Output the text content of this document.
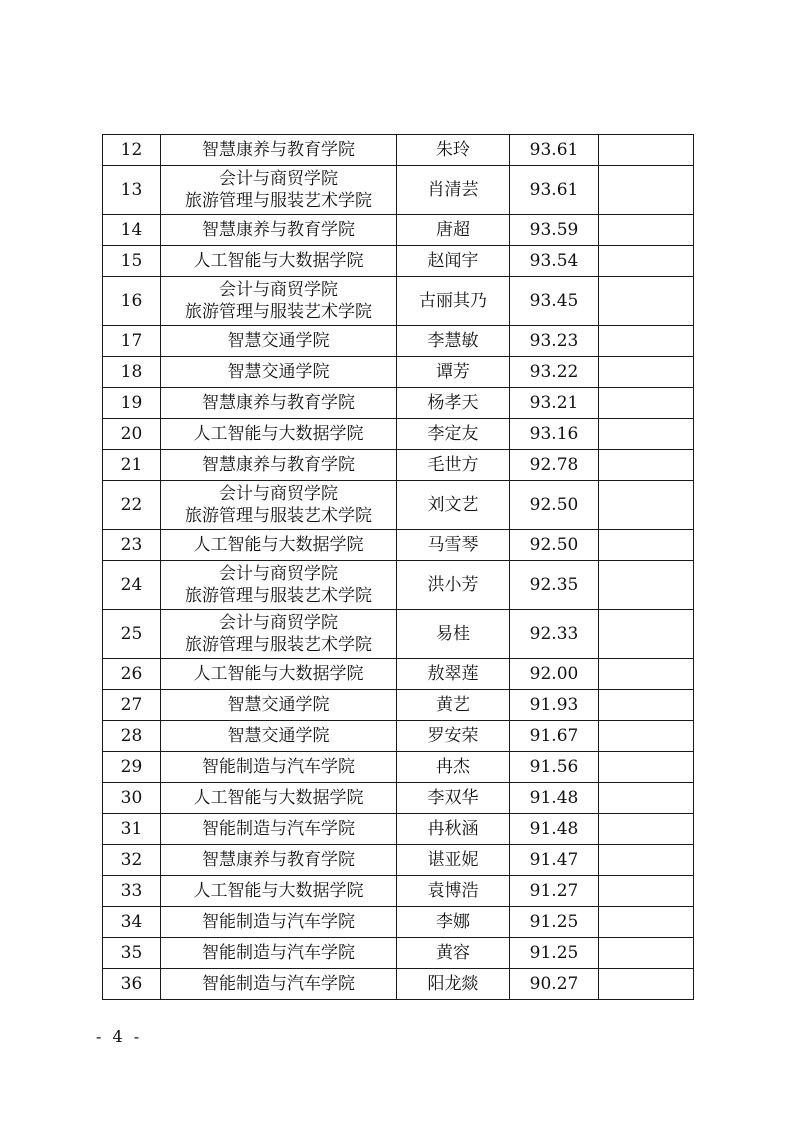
12	智慧康养与教育学院	朱玲	93.61	
13	会计与商贸学院
旅游管理与服装艺术学院	肖清芸	93.61	
14	智慧康养与教育学院	唐超	93.59	
15	人工智能与大数据学院	赵闻宇	93.54	
16	会计与商贸学院
旅游管理与服装艺术学院	古丽其乃	93.45	
17	智慧交通学院	李慧敏	93.23	
18	智慧交通学院	谭芳	93.22	
19	智慧康养与教育学院	杨孝天	93.21	
20	人工智能与大数据学院	李定友	93.16	
21	智慧康养与教育学院	毛世方	92.78	
22	会计与商贸学院
旅游管理与服装艺术学院	刘文艺	92.50	
23	人工智能与大数据学院	马雪琴	92.50	
24	会计与商贸学院
旅游管理与服装艺术学院	洪小芳	92.35	
25	会计与商贸学院
旅游管理与服装艺术学院	易桂	92.33	
26	人工智能与大数据学院	敖翠莲	92.00	
27	智慧交通学院	黄艺	91.93	
28	智慧交通学院	罗安荣	91.67	
29	智能制造与汽车学院	冉杰	91.56	
30	人工智能与大数据学院	李双华	91.48	
31	智能制造与汽车学院	冉秋涵	91.48	
32	智慧康养与教育学院	谌亚妮	91.47	
33	人工智能与大数据学院	袁博浩	91.27	
34	智能制造与汽车学院	李娜	91.25	
35	智能制造与汽车学院	黄容	91.25	
36	智能制造与汽车学院	阳龙燚	90.27	
- 4 -
